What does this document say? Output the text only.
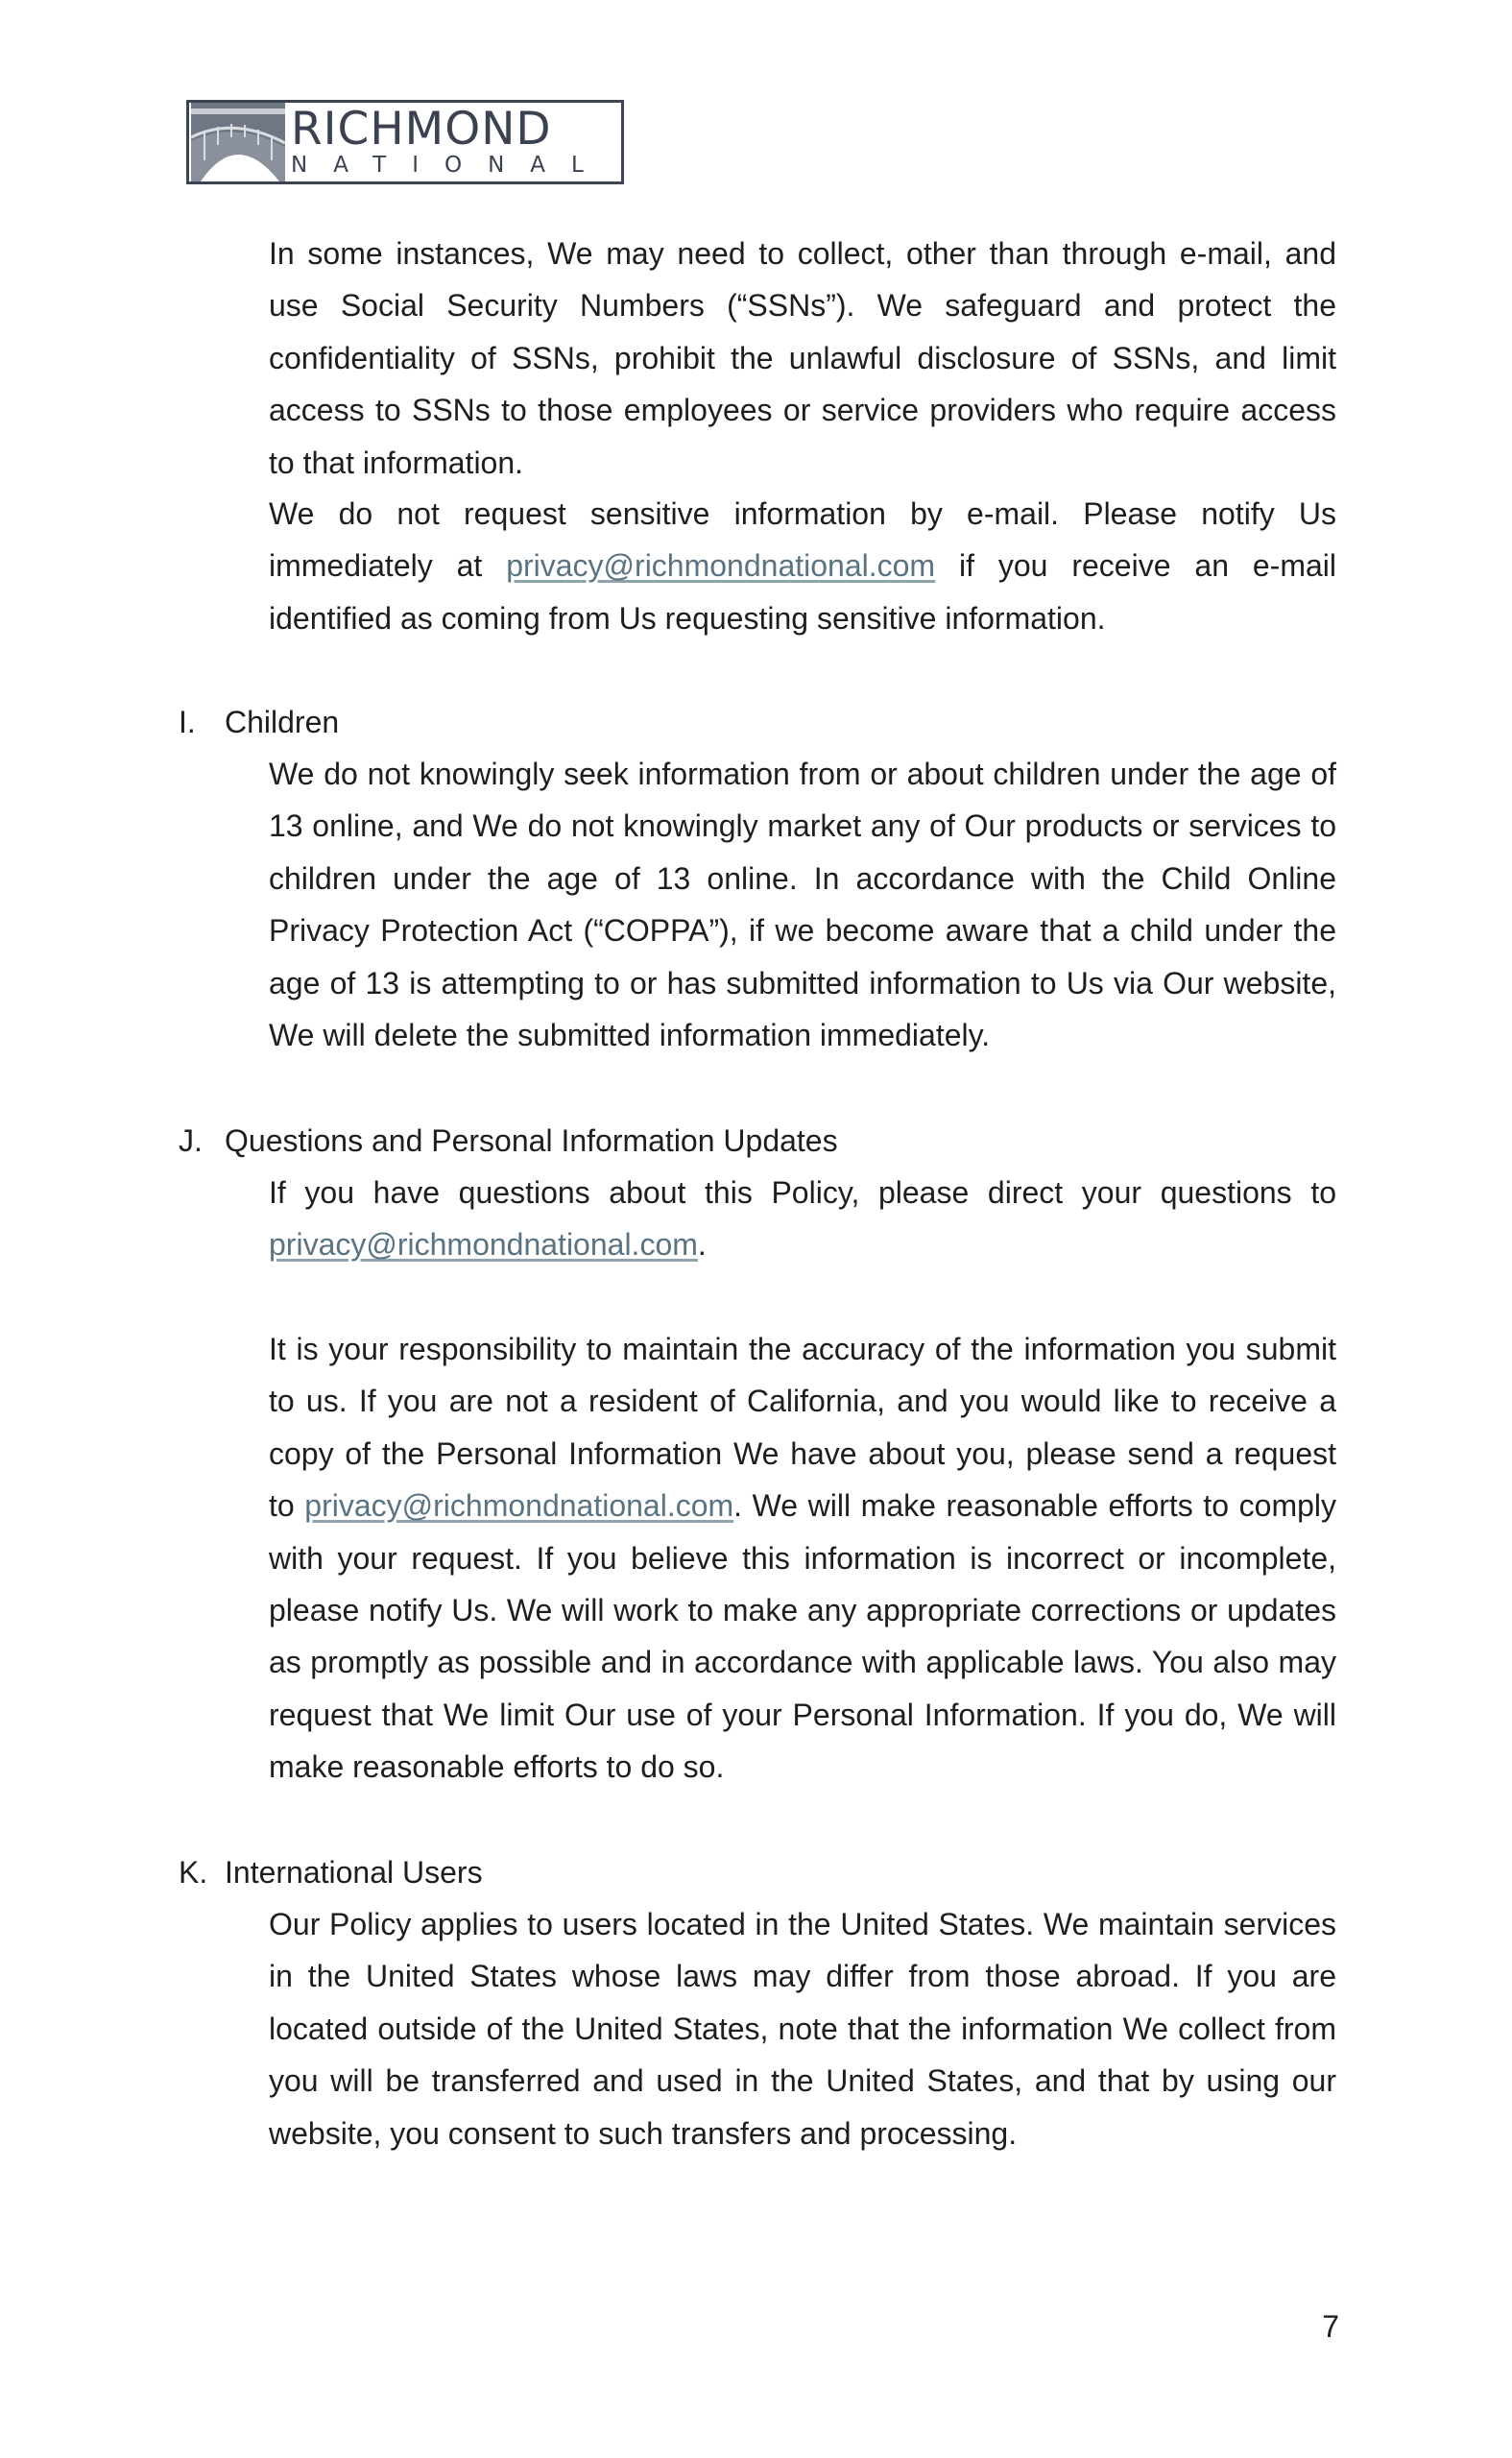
RICHMOND
NATIONAL

In some instances, We may need to collect, other than through e-mail, and use Social Security Numbers (“SSNs”). We safeguard and protect the confidentiality of SSNs, prohibit the unlawful disclosure of SSNs, and limit access to SSNs to those employees or service providers who require access to that information.

We do not request sensitive information by e-mail. Please notify Us immediately at privacy@richmondnational.com if you receive an e-mail identified as coming from Us requesting sensitive information.

I. Children

We do not knowingly seek information from or about children under the age of 13 online, and We do not knowingly market any of Our products or services to children under the age of 13 online. In accordance with the Child Online Privacy Protection Act (“COPPA”), if we become aware that a child under the age of 13 is attempting to or has submitted information to Us via Our website, We will delete the submitted information immediately.

J. Questions and Personal Information Updates

If you have questions about this Policy, please direct your questions to privacy@richmondnational.com.

It is your responsibility to maintain the accuracy of the information you submit to us. If you are not a resident of California, and you would like to receive a copy of the Personal Information We have about you, please send a request to privacy@richmondnational.com. We will make reasonable efforts to comply with your request. If you believe this information is incorrect or incomplete, please notify Us. We will work to make any appropriate corrections or updates as promptly as possible and in accordance with applicable laws. You also may request that We limit Our use of your Personal Information. If you do, We will make reasonable efforts to do so.

K. International Users

Our Policy applies to users located in the United States. We maintain services in the United States whose laws may differ from those abroad. If you are located outside of the United States, note that the information We collect from you will be transferred and used in the United States, and that by using our website, you consent to such transfers and processing.

7
